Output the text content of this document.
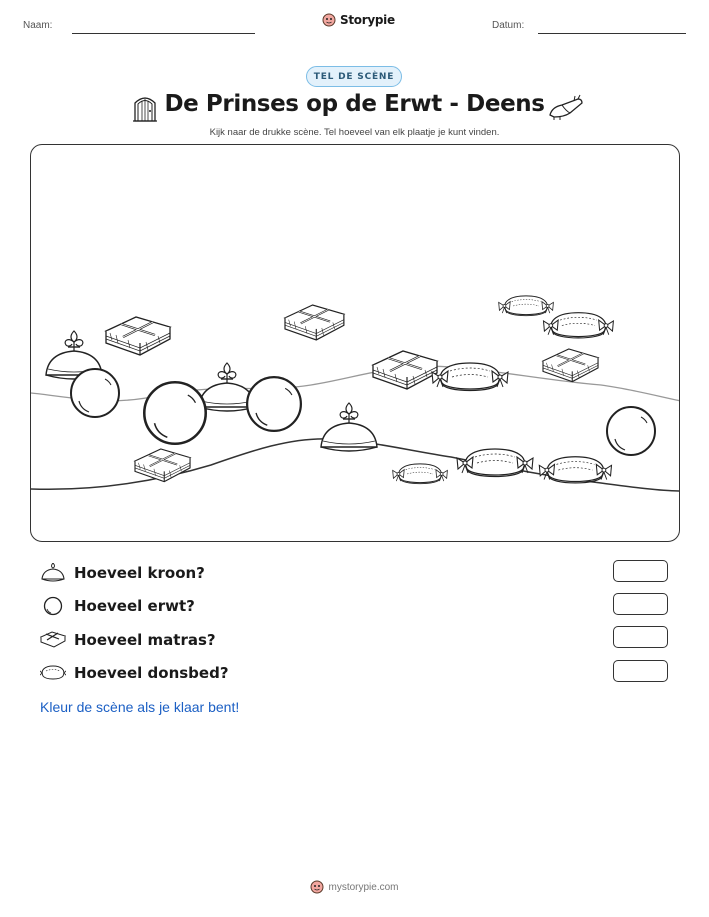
Naam:	Storypie	Datum:
TEL DE SCÈNE
De Prinses op de Erwt - Deens
Kijk naar de drukke scène. Tel hoeveel van elk plaatje je kunt vinden.
Hoeveel kroon?
Hoeveel erwt?
Hoeveel matras?
Hoeveel donsbed?
Kleur de scène als je klaar bent!
mystorypie.com
